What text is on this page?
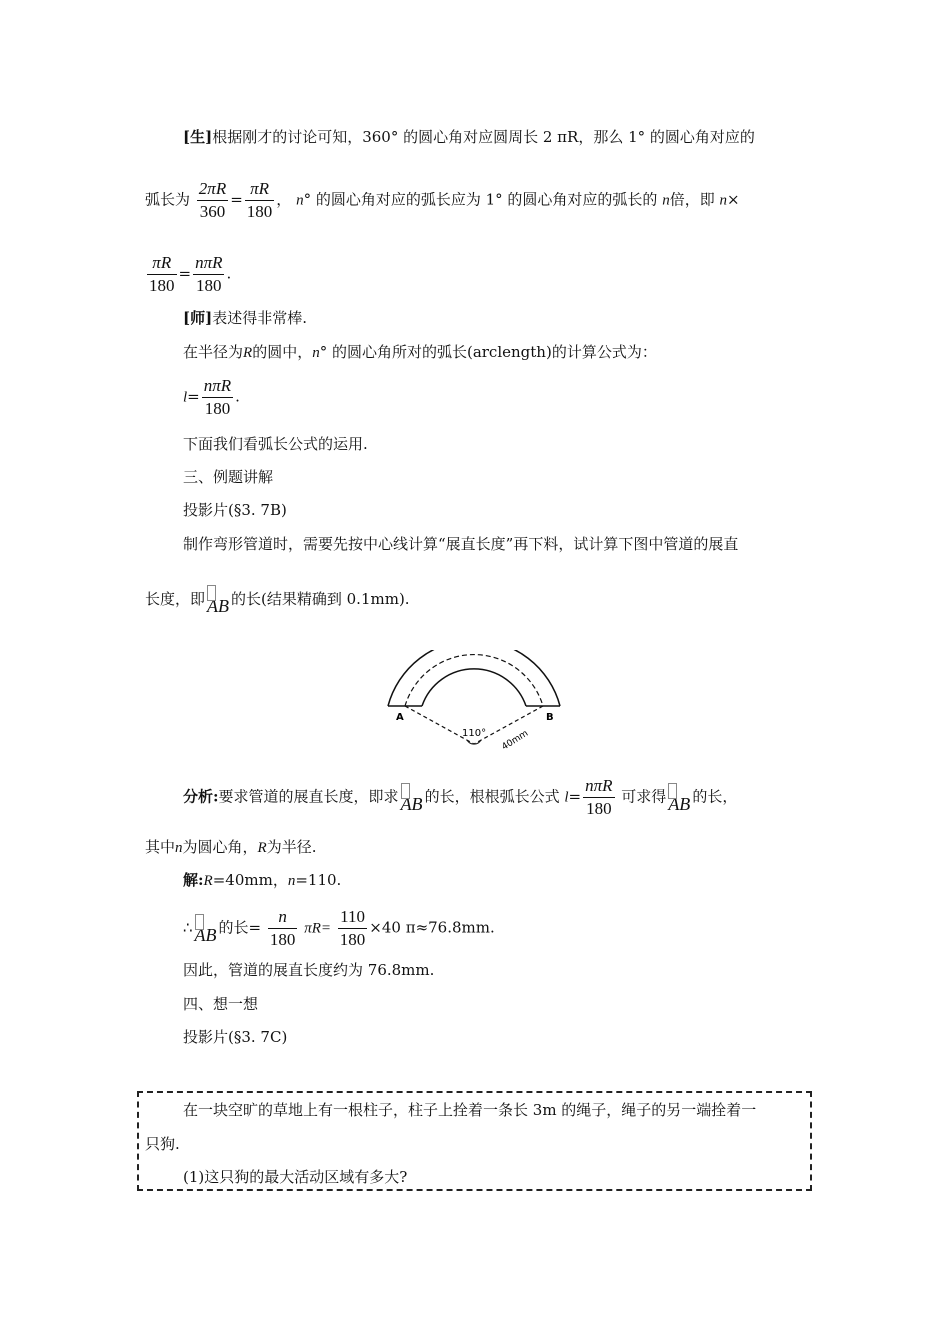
[生]根据刚才的讨论可知，360° 的圆心角对应圆周长 2 πR，那么 1° 的圆心角对应的
弧长为 $\frac{2\pi R}{360} = \frac{\pi R}{180}$ ， n° 的圆心角对应的弧长应为 1° 的圆心角对应的弧长的 n倍，即 n×
$\frac{\pi R}{180} = \frac{\text{nπR}}{180}$ .
[师]表述得非常棒.
在半径为R的圆中，n° 的圆心角所对的弧长(arclength)的计算公式为：
$l= \frac{\text{nπR}}{180}$ .
下面我们看弧长公式的运用.
三、例题讲解
投影片(§3. 7B)
制作弯形管道时，需要先按中心线计算“展直长度”再下料，试计算下图中管道的展直
长度，即 AB 的长(结果精确到 0.1mm).
A	B
110° 40mm
分析:要求管道的展直长度，即求 AB 的长，根根弧长公式 $l= \frac{\text{nπR}}{180}$ 可求得 AB 的长，
其中n为圆心角，R为半径.
解:R=40mm，n=110.
∴ AB 的长= $\frac{n}{180} \pi R= \frac{110}{180} \times 40$ π≈76.8mm.
因此，管道的展直长度约为 76.8mm.
四、想一想
投影片(§3. 7C)
在一块空旷的草地上有一根柱子，柱子上拴着一条长 3m 的绳子，绳子的另一端拴着一
只狗.
(1)这只狗的最大活动区域有多大?
